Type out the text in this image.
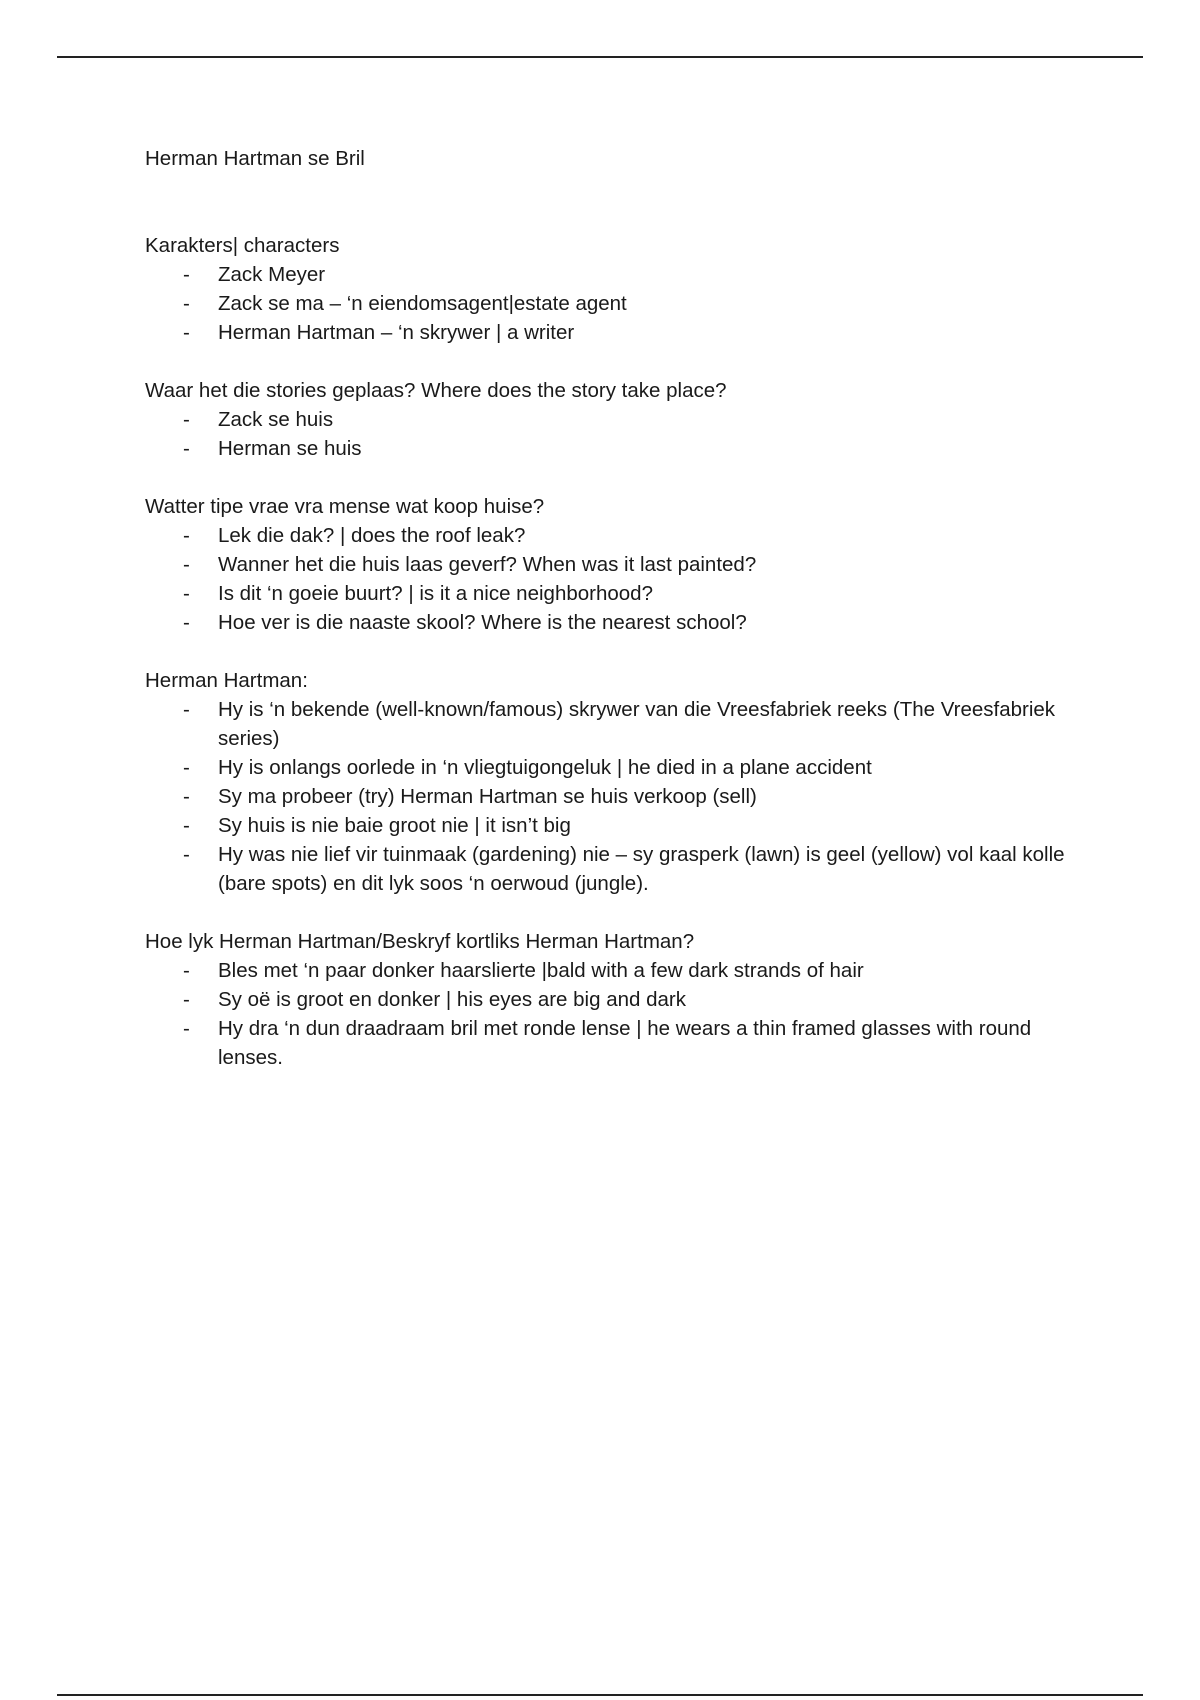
Herman Hartman se Bril
Karakters| characters
- Zack Meyer
- Zack se ma – ‘n eiendomsagent|estate agent
- Herman Hartman – ‘n skrywer | a writer
Waar het die stories geplaas? Where does the story take place?
- Zack se huis
- Herman se huis
Watter tipe vrae vra mense wat koop huise?
- Lek die dak? | does the roof leak?
- Wanner het die huis laas geverf? When was it last painted?
- Is dit ‘n goeie buurt? | is it a nice neighborhood?
- Hoe ver is die naaste skool? Where is the nearest school?
Herman Hartman:
- Hy is ‘n bekende (well-known/famous) skrywer van die Vreesfabriek reeks (The Vreesfabriek series)
- Hy is onlangs oorlede in ‘n vliegtuigongeluk | he died in a plane accident
- Sy ma probeer (try) Herman Hartman se huis verkoop (sell)
- Sy huis is nie baie groot nie | it isn’t big
- Hy was nie lief vir tuinmaak (gardening) nie – sy grasperk (lawn) is geel (yellow) vol kaal kolle (bare spots) en dit lyk soos ‘n oerwoud (jungle).
Hoe lyk Herman Hartman/Beskryf kortliks Herman Hartman?
- Bles met ‘n paar donker haarslierte |bald with a few dark strands of hair
- Sy oë is groot en donker | his eyes are big and dark
- Hy dra ‘n dun draadraam bril met ronde lense | he wears a thin framed glasses with round lenses.
